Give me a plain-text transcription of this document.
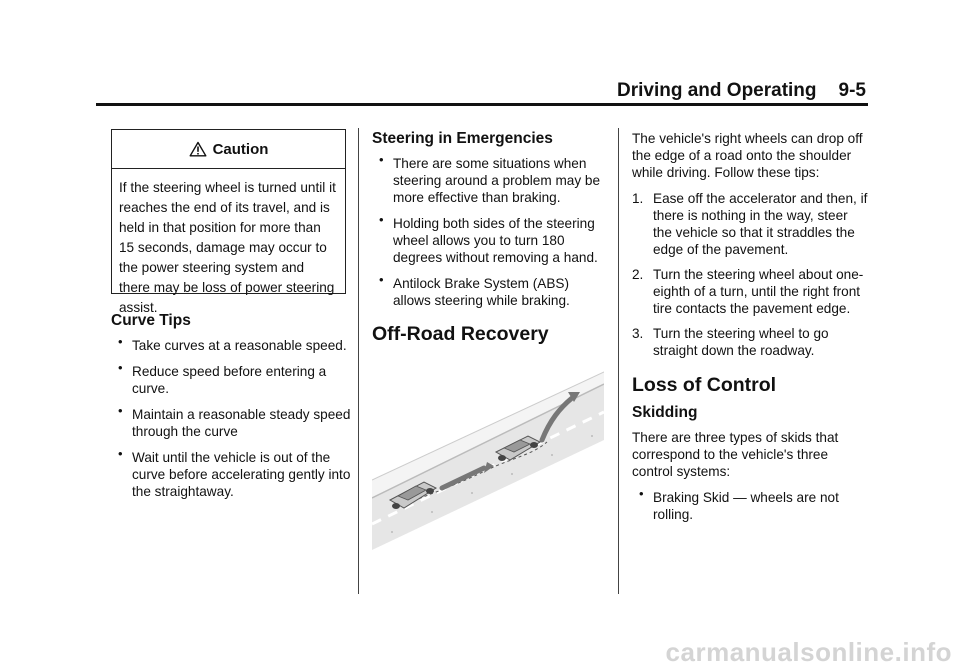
Driving and Operating 9-5
Caution
If the steering wheel is turned until it reaches the end of its travel, and is held in that position for more than 15 seconds, damage may occur to the power steering system and there may be loss of power steering assist.
Curve Tips
• Take curves at a reasonable speed.
• Reduce speed before entering a curve.
• Maintain a reasonable steady speed through the curve
• Wait until the vehicle is out of the curve before accelerating gently into the straightaway.
Steering in Emergencies
• There are some situations when steering around a problem may be more effective than braking.
• Holding both sides of the steering wheel allows you to turn 180 degrees without removing a hand.
• Antilock Brake System (ABS) allows steering while braking.
Off-Road Recovery

The vehicle's right wheels can drop off the edge of a road onto the shoulder while driving. Follow these tips:

1. Ease off the accelerator and then, if there is nothing in the way, steer the vehicle so that it straddles the edge of the pavement.
2. Turn the steering wheel about one-eighth of a turn, until the right front tire contacts the pavement edge.
3. Turn the steering wheel to go straight down the roadway.
Loss of Control
Skidding

There are three types of skids that correspond to the vehicle's three control systems:

• Braking Skid — wheels are not rolling.
carmanualsonline.info
